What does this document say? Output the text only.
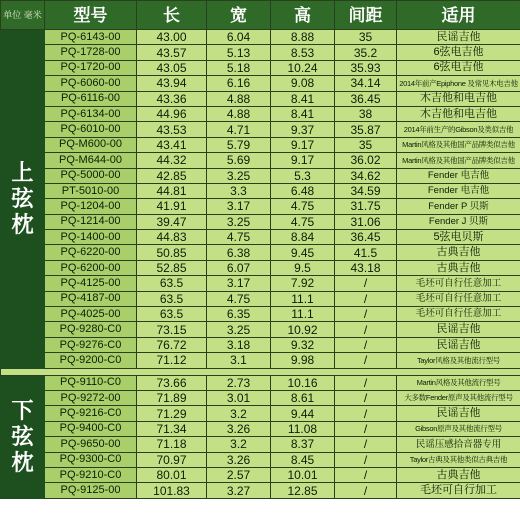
单位 毫米	型号	长	宽	高	间距	适用

上
弦
枕	PQ-6143-00	43.00	6.04	8.88	35	民谣吉他
	PQ-1728-00	43.57	5.13	8.53	35.2	6弦电吉他
	PQ-1720-00	43.05	5.18	10.24	35.93	6弦电吉他
	PQ-6060-00	43.94	6.16	9.08	34.14	2014年前产Epiphone 及常见木电吉他
	PQ-6116-00	43.36	4.88	8.41	36.45	木吉他和电吉他
	PQ-6134-00	44.96	4.88	8.41	38	木吉他和电吉他
	PQ-6010-00	43.53	4.71	9.37	35.87	2014年前生产的Gibson及类似吉他
	PQ-M600-00	43.41	5.79	9.17	35	Martin风格及其他国产品牌类似吉他
	PQ-M644-00	44.32	5.69	9.17	36.02	Martin风格及其他国产品牌类似吉他
	PQ-5000-00	42.85	3.25	5.3	34.62	Fender 电吉他
	PT-5010-00	44.81	3.3	6.48	34.59	Fender 电吉他
	PQ-1204-00	41.91	3.17	4.75	31.75	Fender P 贝斯
	PQ-1214-00	39.47	3.25	4.75	31.06	Fender J 贝斯
	PQ-1400-00	44.83	4.75	8.84	36.45	5弦电贝斯
	PQ-6220-00	50.85	6.38	9.45	41.5	古典吉他
	PQ-6200-00	52.85	6.07	9.5	43.18	古典吉他
	PQ-4125-00	63.5	3.17	7.92	/	毛坯可自行任意加工
	PQ-4187-00	63.5	4.75	11.1	/	毛坯可自行任意加工
	PQ-4025-00	63.5	6.35	11.1	/	毛坯可自行任意加工
	PQ-9280-C0	73.15	3.25	10.92	/	民谣吉他
	PQ-9276-C0	76.72	3.18	9.32	/	民谣吉他
	PQ-9200-C0	71.12	3.1	9.98	/	Taylor风格及其他流行型号

下
弦
枕	PQ-9110-C0	73.66	2.73	10.16	/	Martin风格及其他流行型号
	PQ-9272-00	71.89	3.01	8.61	/	大多数Fender原声及其他流行型号
	PQ-9216-C0	71.29	3.2	9.44	/	民谣吉他
	PQ-9400-C0	71.34	3.26	11.08	/	Gibson原声及其他流行型号
	PQ-9650-00	71.18	3.2	8.37	/	民谣压感拾音器专用
	PQ-9300-C0	70.97	3.26	8.45	/	Taylor古典及其他类似古典吉他
	PQ-9210-C0	80.01	2.57	10.01	/	古典吉他
	PQ-9125-00	101.83	3.27	12.85	/	毛坯可自行加工
